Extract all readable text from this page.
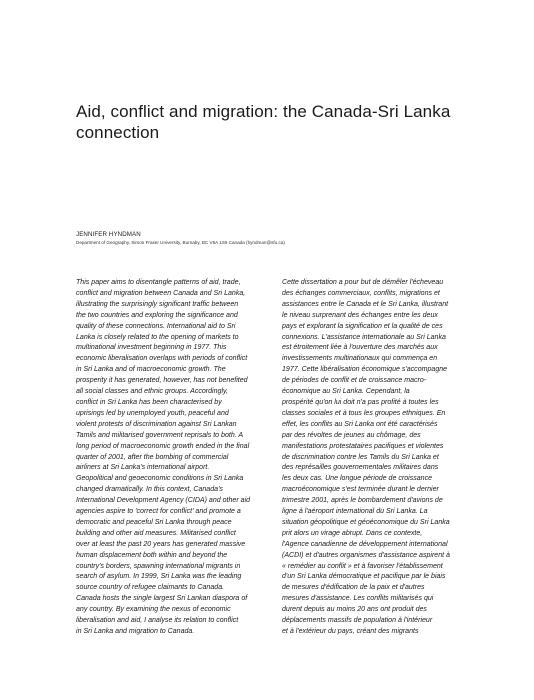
Aid, conflict and migration: the Canada-Sri Lanka
connection
JENNIFER HYNDMAN
Department of Geography, Simon Fraser University, Burnaby, BC V5A 1S6 Canada (hyndman@sfu.ca)
This paper aims to disentangle patterns of aid, trade,
conflict and migration between Canada and Sri Lanka,
illustrating the surprisingly significant traffic between
the two countries and exploring the significance and
quality of these connections. International aid to Sri
Lanka is closely related to the opening of markets to
multinational investment beginning in 1977. This
economic liberalisation overlaps with periods of conflict
in Sri Lanka and of macroeconomic growth. The
prosperity it has generated, however, has not benefited
all social classes and ethnic groups. Accordingly,
conflict in Sri Lanka has been characterised by
uprisings led by unemployed youth, peaceful and
violent protests of discrimination against Sri Lankan
Tamils and militarised government reprisals to both. A
long period of macroeconomic growth ended in the final
quarter of 2001, after the bombing of commercial
airliners at Sri Lanka's international airport.
Geopolitical and geoeconomic conditions in Sri Lanka
changed dramatically. In this context, Canada's
International Development Agency (CIDA) and other aid
agencies aspire to 'correct for conflict' and promote a
democratic and peaceful Sri Lanka through peace
building and other aid measures. Militarised conflict
over at least the past 20 years has generated massive
human displacement both within and beyond the
country's borders, spawning international migrants in
search of asylum. In 1999, Sri Lanka was the leading
source country of refugee claimants to Canada.
Canada hosts the single largest Sri Lankan diaspora of
any country. By examining the nexus of economic
liberalisation and aid, I analyse its relation to conflict
in Sri Lanka and migration to Canada.
Cette dissertation a pour but de démêler l'écheveau
des échanges commerciaux, conflits, migrations et
assistances entre le Canada et le Sri Lanka, illustrant
le niveau surprenant des échanges entre les deux
pays et explorant la signification et la qualité de ces
connexions. L'assistance internationale au Sri Lanka
est étroitement liée à l'ouverture des marchés aux
investissements multinationaux qui commença en
1977. Cette libéralisation économique s'accompagne
de périodes de conflit et de croissance macro-
économique au Sri Lanka. Cependant, la
prospérité qu'on lui doit n'a pas profité à toutes les
classes sociales et à tous les groupes ethniques. En
effet, les conflits au Sri Lanka ont été caractérisés
par des révoltes de jeunes au chômage, des
manifestations protestataires pacifiques et violentes
de discrimination contre les Tamils du Sri Lanka et
des représailles gouvernementales militaires dans
les deux cas. Une longue période de croissance
macroéconomique s'est terminée durant le dernier
trimestre 2001, après le bombardement d'avions de
ligne à l'aéroport international du Sri Lanka. La
situation géopolitique et géoéconomique du Sri Lanka
prit alors un virage abrupt. Dans ce contexte,
l'Agence canadienne de développement international
(ACDI) et d'autres organismes d'assistance aspirent à
« remédier au conflit » et à favoriser l'établissement
d'un Sri Lanka démocratique et pacifique par le biais
de mesures d'édification de la paix et d'autres
mesures d'assistance. Les conflits militarisés qui
durent depuis au moins 20 ans ont produit des
déplacements massifs de population à l'intérieur
et à l'extérieur du pays, créant des migrants
